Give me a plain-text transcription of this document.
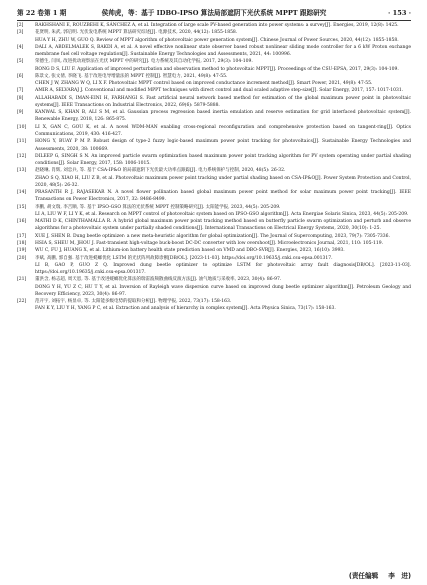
第 22 卷第 1 期	侯帅虎，等：基于 IDBO-IPSO 算法局部遮阴下光伏系统 MPPT 跟踪研究	· 153 ·
[2]	RAKHSHANI E, ROUZBEHI K, SÁNCHEZ A, et al. Integration of large scale PV-based generation into power systems: a survey[J]. Energies, 2019, 12(8): 1425.
[3]	花贤明, 朱武, 郭启明. 光伏发电系统 MPPT 算法研究综述[J]. 电源技术, 2020, 44(12): 1855-1858.
HUA Y H, ZHU W, GUO Q. Review of MPPT algorithm of photovoltaic power generation system[J]. Chinese Journal of Power Sources, 2020, 44(12): 1855-1858.
[4]	DALI A, ABDELMALEK S, BAKDI A, et al. A novel effective nonlinear state observer based robust nonlinear sliding mode controller for a 6 kW Proton exchange membrane fuel cell voltage regulation[J]. Sustainable Energy Technologies and Assessments, 2021, 44: 100996.
[5]	荣德生, 闫凤, 改进扰动观察法在光伏 MPPT 中的研究[J]. 电力系统及其自动化学报, 2017, 29(3): 104-109.
RONG D S, LIU F. Application of improved perturbation and observation method to photovoltaic MPPT[J]. Proceedings of the CSU-EPSA, 2017, 29(3): 104-109.
[6]	陈景文, 张文倩, 李晓飞. 基于改进电导增量法的 MPPT 控制[J]. 智慧电力, 2021, 49(8): 47-55.
CHEN J W, ZHANG W Q, LI X F. Photovoltaic MPPT control based on improved conductance increment method[J]. Smart Power, 2021, 49(8): 47-55.
[7]	AMIR A, SELVARAJ J. Conventional and modified MPPT techniques with direct control and dual scaled adaptive step-size[J]. Solar Energy, 2017, 157: 1017-1031.
[8]	ALLAHABADI S, IMAN-EINI H, FARHANGI S. Fast artificial neural network based method for estimation of the global maximum power point in photovoltaic systems[J]. IEEE Transactions on Industrial Electronics, 2022, 69(6): 5879-5888.
[9]	KANWAL S, KHAN B, ALI S M, et al. Gaussian process regression based inertia emulation and reserve estimation for grid interfaced photovoltaic system[J]. Renewable Energy, 2018, 126: 865-875.
[10] LI X, GAN C, GOU K, et al. A novel WDM-MAN enabling cross-regional reconfiguration and comprehensive protection based on tangent-ring[J]. Optics Communications, 2019, 430: 416-427.
[11] HONG Y, BUAY P M P. Robust design of type-2 fuzzy logic-based maximum power point tracking for photovoltaics[J]. Sustainable Energy Technologies and Assessments, 2020, 38: 100669.
[12] DILEEP G, SINGH S N. An improved particle swarm optimization based maximum power point tracking algorithm for PV system operating under partial shading conditions[J]. Solar Energy, 2017, 158: 1006-1015.
[13] 赵晓琳, 肖辉, 刘忠兵, 等. 基于 CSA-IP&O 的局部遮阴下光伏最大功率点跟踪[J]. 电力系统保护与控制, 2020, 48(5): 26-32.
ZHAO S Q, XIAO H, LIU Z B, et al. Photovoltaic maximum power point tracking under partial shading based on CSA-IP&O[J]. Power System Protection and Control, 2020, 48(5): 26-32.
[14] PRASANTH R J, RAJASEKAR N. A novel flower pollination based global maximum power point method for solar maximum power point tracking[J]. IEEE Transactions on Power Electronics, 2017, 32: 8486-8499.
[15] 李鹏, 胡文瑞, 李吉顺, 等. 基于 IPSO-GSO 算法的光伏系统 MPPT 控制策略研究[J]. 太阳能学报, 2023, 44(5): 205-209.
LI A, LIU W F, LI Y K, et al. Research on MPPT control of photovoltaic system based on IPSO-GSO algorithm[J]. Acta Energiae Solaris Sinica, 2023, 44(5): 205-209.
[16] MATHI D K, CHINTHAMALLA R. A hybrid global maximum power point tracking method based on butterfly particle swarm optimization and perturb and observe algorithms for a photovoltaic system under partially shaded conditions[J]. International Transactions on Electrical Energy Systems, 2020, 30(10): 1-25.
[17] XUE J, SHEN B. Dung beetle optimizer: a new meta-heuristic algorithm for global optimization[J]. The Journal of Supercomputing, 2023, 79(7): 7305-7336.
[18] HSIA S, SHEU M, JHOU J. Fast-transient high-voltage buck-boost DC-DC converter with low overshoot[J]. Microelectronics Journal, 2021, 110: 105-119.
[19] WU C, FU J, HUANG X, et al. Lithium-ion battery health state prediction based on VMD and DBO-SVR[J]. Energies, 2023, 16(10): 3993.
[20] 李斌, 高鹏, 郭自强. 基于改进蜣螂优化 LSTM 的光伏阵列故障诊断[DB/OL]. [2023-11-03]. https://doi.org/10.19635/j.cnki.csu-epsa.001317.
LI B, GAO P, GUO Z Q. Improved dung beetle optimizer to optimize LSTM for photovoltaic array fault diagnosis[DB/OL]. [2023-11-03]. https://doi.org/10.19635/j.cnki.csu-epsa.001317.
[21] 董洪含, 杨志超, 周天恩, 等. 基于改进蜣螂优化算法的瑞雷波频散曲线反演方法[J]. 油气地质与采收率, 2023, 30(4): 86-97.
DONG Y H, YU Z C, HU T Y, et al. Inversion of Rayleigh wave dispersion curve based on improved dung beetle optimizer algorithm[J]. Petroleum Geology and Recovery Efficiency, 2023, 30(4): 86-97.
[22] 范开宇, 刘拓宇, 杨显卓, 等. 太阳能多级电势的提取和分析[J]. 物理学报, 2022, 73(17): 158-163.
FAN K Y, LIU Y H, YANG P C, et al. Extraction and analysis of hierarchy in complex system[J]. Acta Physica Sinica, 73(17): 158-163.
(责任编辑 李　进)
